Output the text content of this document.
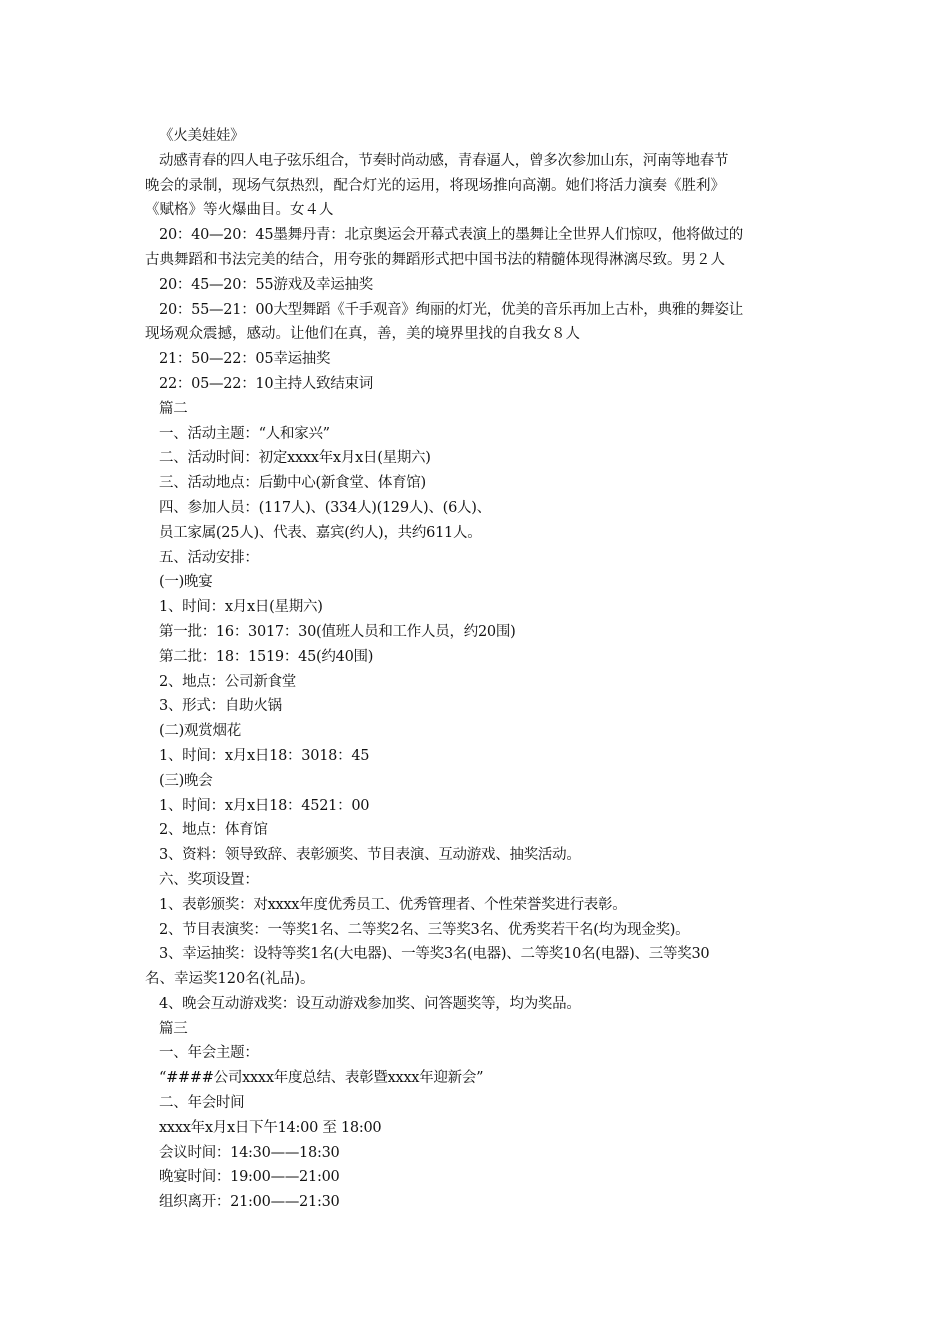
《火美娃娃》
动感青春的四人电子弦乐组合，节奏时尚动感，青春逼人，曾多次参加山东，河南等地春节
晚会的录制，现场气氛热烈，配合灯光的运用，将现场推向高潮。她们将活力演奏《胜利》
《赋格》等火爆曲目。女４人
20：40—20：45墨舞丹青：北京奥运会开幕式表演上的墨舞让全世界人们惊叹，他将做过的
古典舞蹈和书法完美的结合，用夸张的舞蹈形式把中国书法的精髓体现得淋漓尽致。男２人
20：45—20：55游戏及幸运抽奖
20：55—21：00大型舞蹈《千手观音》绚丽的灯光，优美的音乐再加上古朴，典雅的舞姿让
现场观众震撼，感动。让他们在真，善，美的境界里找的自我女８人
21：50—22：05幸运抽奖
22：05—22：10主持人致结束词
篇二
一、活动主题：“人和家兴”
二、活动时间：初定xxxx年x月x日(星期六)
三、活动地点：后勤中心(新食堂、体育馆)
四、参加人员：(117人)、(334人)(129人)、(6人)、
员工家属(25人)、代表、嘉宾(约人)，共约611人。
五、活动安排：
(一)晚宴
1、时间：x月x日(星期六)
第一批：16：3017：30(值班人员和工作人员，约20围)
第二批：18：1519：45(约40围)
2、地点：公司新食堂
3、形式：自助火锅
(二)观赏烟花
1、时间：x月x日18：3018：45
(三)晚会
1、时间：x月x日18：4521：00
2、地点：体育馆
3、资料：领导致辞、表彰颁奖、节目表演、互动游戏、抽奖活动。
六、奖项设置：
1、表彰颁奖：对xxxx年度优秀员工、优秀管理者、个性荣誉奖进行表彰。
2、节目表演奖：一等奖1名、二等奖2名、三等奖3名、优秀奖若干名(均为现金奖)。
3、幸运抽奖：设特等奖1名(大电器)、一等奖3名(电器)、二等奖10名(电器)、三等奖30
名、幸运奖120名(礼品)。
4、晚会互动游戏奖：设互动游戏参加奖、问答题奖等，均为奖品。
篇三
一、年会主题：
“####公司xxxx年度总结、表彰暨xxxx年迎新会”
二、年会时间
xxxx年x月x日下午14:00 至 18:00
会议时间：14:30——18:30
晚宴时间：19:00——21:00
组织离开：21:00——21:30
